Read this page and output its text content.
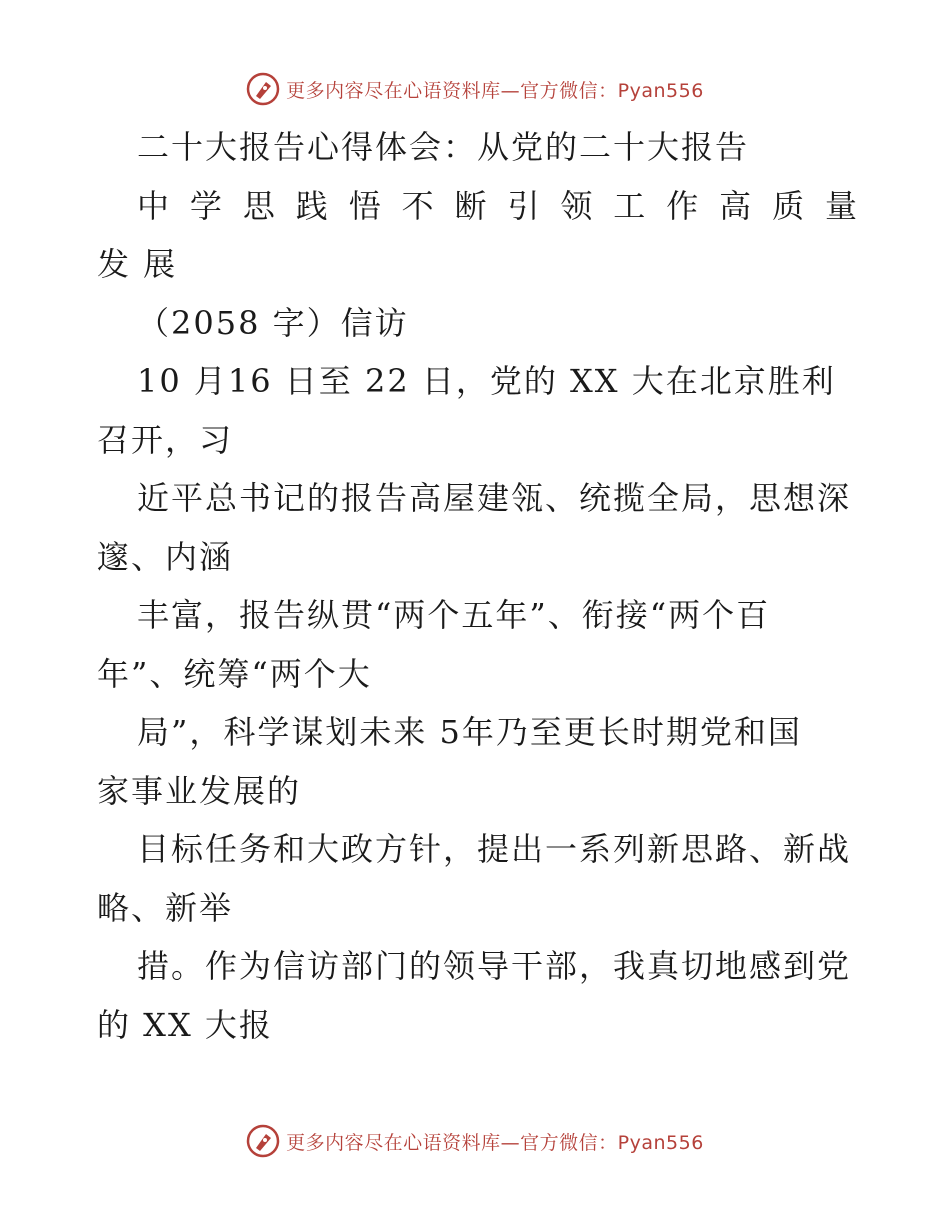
更多内容尽在心语资料库—官方微信：Pyan556
二十大报告心得体会：从党的二十大报告
中 学 思 践 悟 不 断 引 领 工 作 高 质 量
发 展
（2058 字）信访
10 月16 日至 22 日，党的 XX 大在北京胜利
召开，习
近平总书记的报告高屋建瓴、统揽全局，思想深
邃、内涵
丰富，报告纵贯“两个五年”、衔接“两个百
年”、统筹“两个大
局”，科学谋划未来 5年乃至更长时期党和国
家事业发展的
目标任务和大政方针，提出一系列新思路、新战
略、新举
措。作为信访部门的领导干部，我真切地感到党
的 XX 大报
更多内容尽在心语资料库—官方微信：Pyan556
